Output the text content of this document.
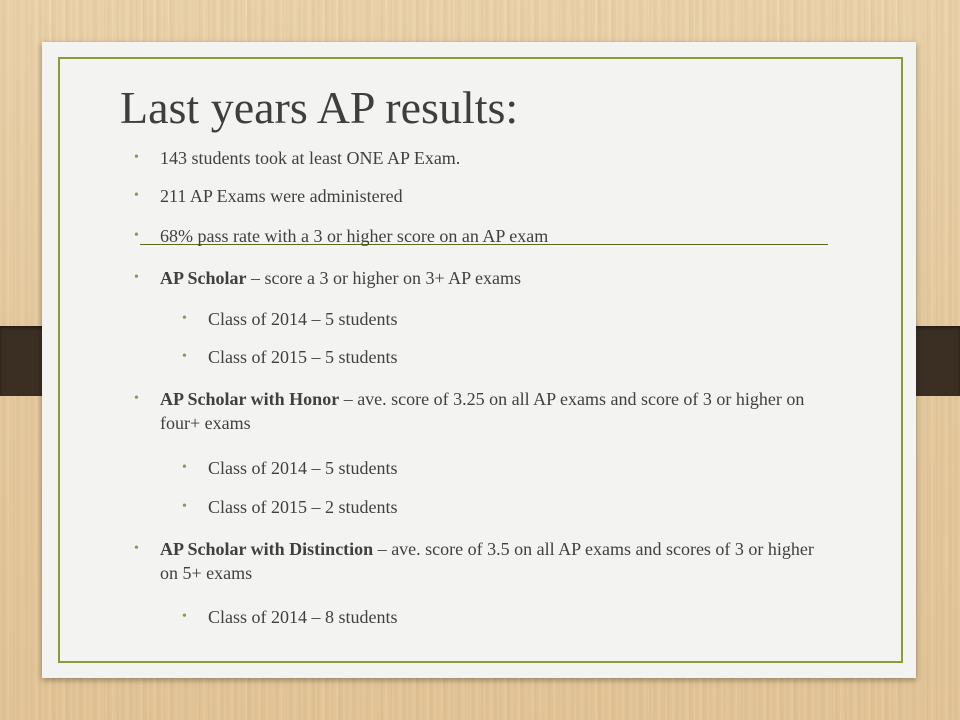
Last years AP results:
• 143 students took at least ONE AP Exam.
• 211 AP Exams were administered
• 68% pass rate with a 3 or higher score on an AP exam
• AP Scholar – score a 3 or higher on 3+ AP exams
• Class of 2014 – 5 students
• Class of 2015 – 5 students
• AP Scholar with Honor – ave. score of 3.25 on all AP exams and score of 3 or higher on four+ exams
• Class of 2014 – 5 students
• Class of 2015 – 2 students
• AP Scholar with Distinction – ave. score of 3.5 on all AP exams and scores of 3 or higher on 5+ exams
• Class of 2014 – 8 students
